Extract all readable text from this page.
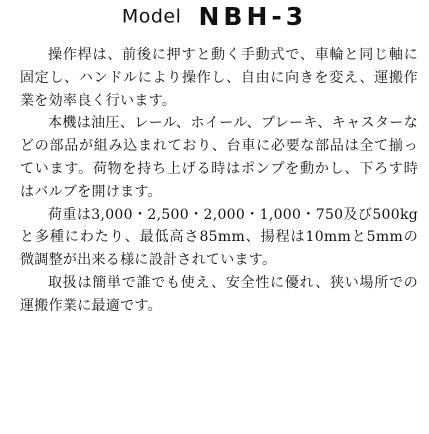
Model NBH-3

操作桿は、前後に押すと動く手動式で、車輪と同じ軸に固定し、ハンドルにより操作し、自由に向きを変え、運搬作業を効率良く行います。

本機は油圧、レール、ホイール、ブレーキ、キャスターなどの部品が組み込まれており、台車に必要な部品は全て揃っています。荷物を持ち上げる時はポンプを動かし、下ろす時はバルブを開けます。

荷重は3,000・2,500・2,000・1,000・750及び500kgと多種にわたり、最低高さ85mm、揚程は10mmと5mmの微調整が出来る様に設計されています。

取扱は簡単で誰でも使え、安全性に優れ、狭い場所での運搬作業に最適です。
